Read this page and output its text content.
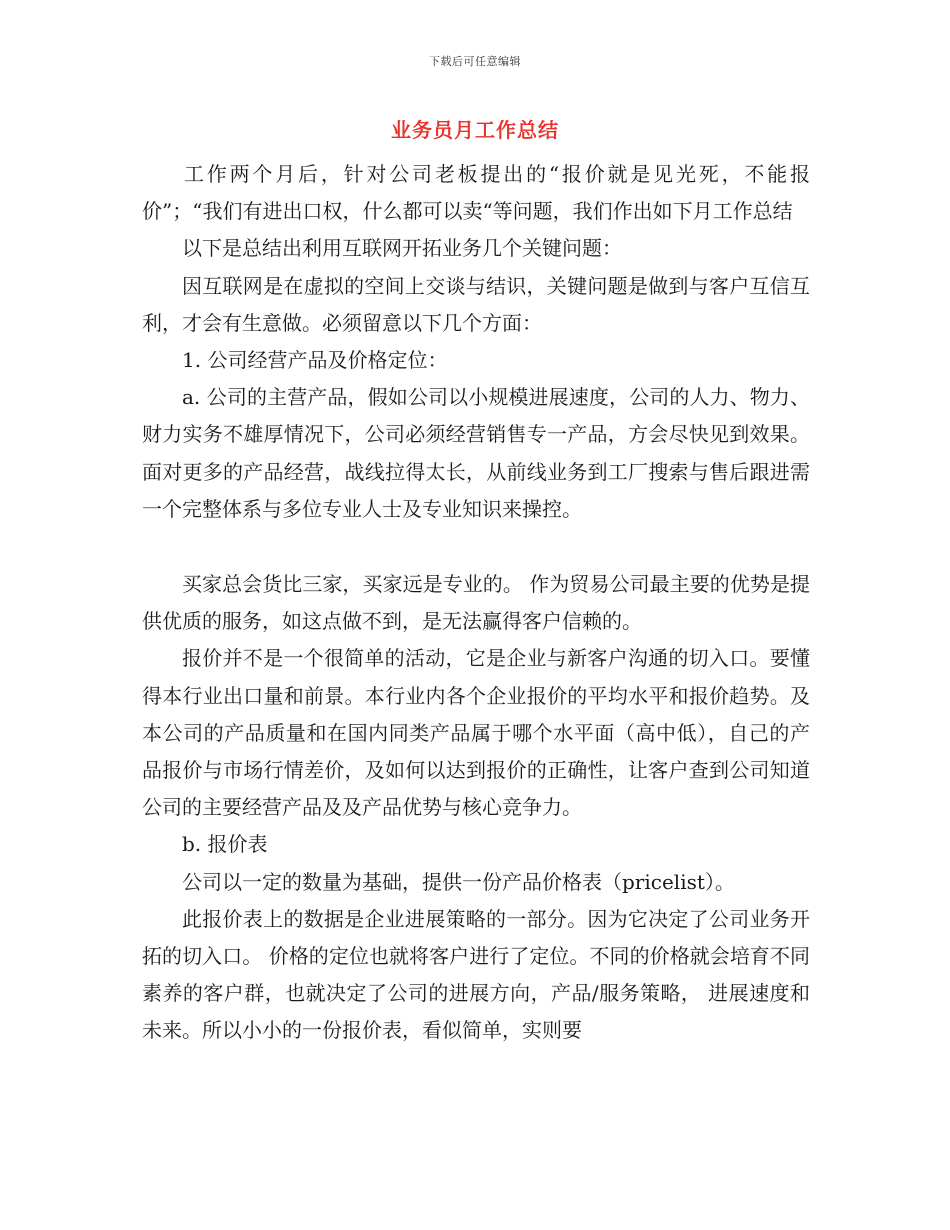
下载后可任意编辑
业务员月工作总结

工作两个月后，针对公司老板提出的“报价就是见光死，不能报价”；“我们有进出口权，什么都可以卖“等问题，我们作出如下月工作总结

以下是总结出利用互联网开拓业务几个关键问题：

因互联网是在虚拟的空间上交谈与结识，关键问题是做到与客户互信互利，才会有生意做。必须留意以下几个方面：

1. 公司经营产品及价格定位：

a. 公司的主营产品，假如公司以小规模进展速度，公司的人力、物力、财力实务不雄厚情况下，公司必须经营销售专一产品，方会尽快见到效果。面对更多的产品经营，战线拉得太长，从前线业务到工厂搜索与售后跟进需一个完整体系与多位专业人士及专业知识来操控。

买家总会货比三家，买家远是专业的。 作为贸易公司最主要的优势是提供优质的服务，如这点做不到，是无法赢得客户信赖的。

报价并不是一个很简单的活动，它是企业与新客户沟通的切入口。要懂得本行业出口量和前景。本行业内各个企业报价的平均水平和报价趋势。及本公司的产品质量和在国内同类产品属于哪个水平面（高中低），自己的产品报价与市场行情差价，及如何以达到报价的正确性，让客户查到公司知道公司的主要经营产品及及产品优势与核心竞争力。

b. 报价表

公司以一定的数量为基础，提供一份产品价格表（pricelist）。

此报价表上的数据是企业进展策略的一部分。因为它决定了公司业务开拓的切入口。 价格的定位也就将客户进行了定位。不同的价格就会培育不同素养的客户群，也就决定了公司的进展方向，产品/服务策略， 进展速度和未来。所以小小的一份报价表，看似简单，实则要
